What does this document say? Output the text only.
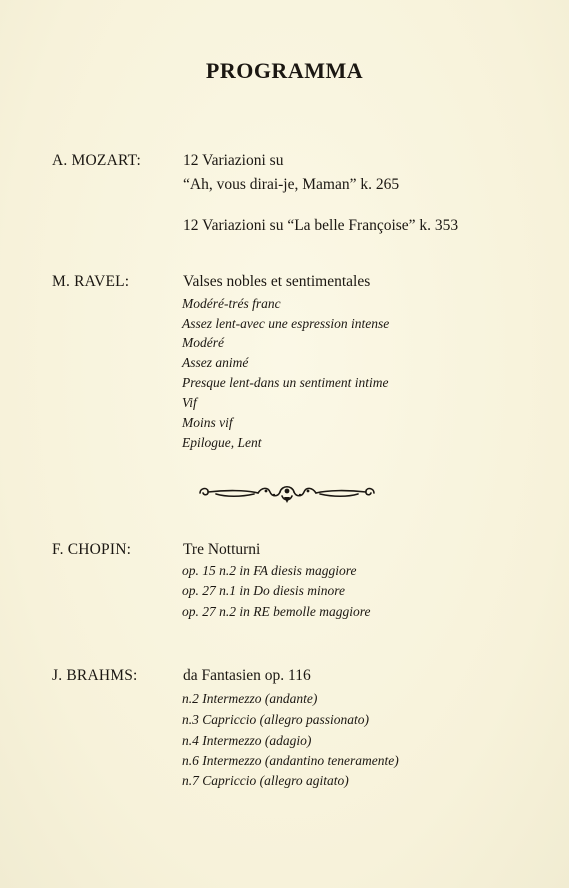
PROGRAMMA
A. MOZART:	12 Variazioni su
“Ah, vous dirai-je, Maman” k. 265
12 Variazioni su “La belle Françoise” k. 353
M. RAVEL:	Valses nobles et sentimentales
Modéré-trés franc
Assez lent-avec une espression intense
Modéré
Assez animé
Presque lent-dans un sentiment intime
Vif
Moins vif
Epilogue, Lent
F. CHOPIN:	Tre Notturni
op. 15 n.2 in FA diesis maggiore
op. 27 n.1 in Do diesis minore
op. 27 n.2 in RE bemolle maggiore
J. BRAHMS:	da Fantasien op. 116
n.2 Intermezzo (andante)
n.3 Capriccio (allegro passionato)
n.4 Intermezzo (adagio)
n.6 Intermezzo (andantino teneramente)
n.7 Capriccio (allegro agitato)
